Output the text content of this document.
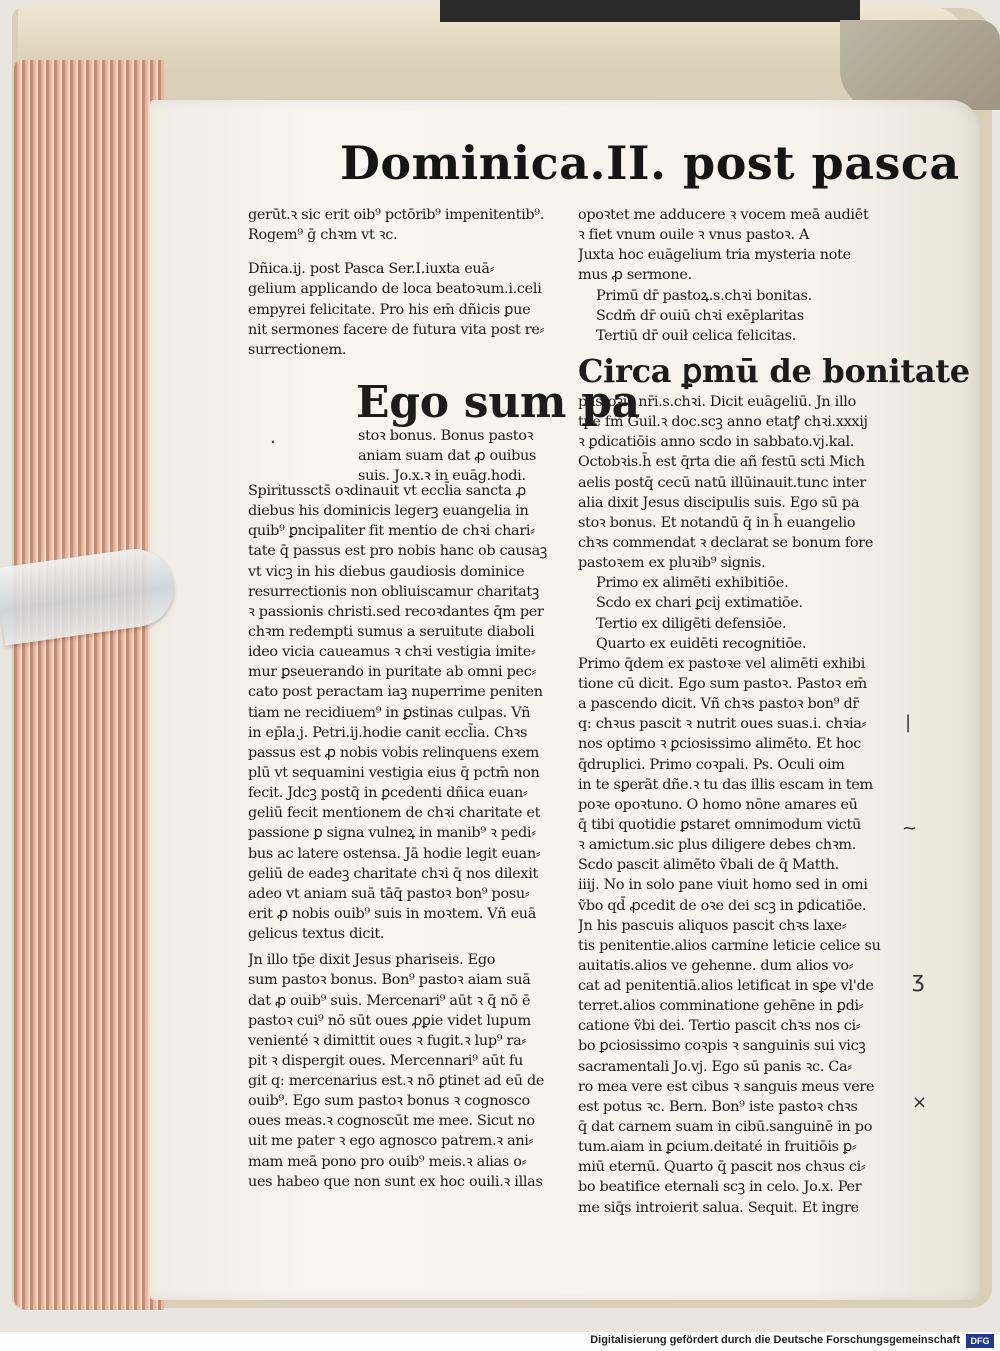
Dominica.II. post pasca
gerūt.ꝛ sic erit oib⁹ pctōrib⁹ impenitentib⁹.
Rogem⁹ ḡ chꝛm vt ꝛc.
Dñica.ij. post Pasca Ser.I.iuxta euā⸗
gelium applicando de loca beatoꝛum.i.celi
empyrei felicitate. Pro his em̄ dñicis ꝑue
nit sermones facere de futura vita post re⸗
surrectionem.
Ego sum pa
stoꝛ bonus. Bonus pastoꝛ
aniam suam dat ꝓ ouibus
suis. Jo.x.ꝛ in euāg.hodi.
Spiritusscts̄ oꝛdinauit vt eccl̄ia sancta ꝓ
diebus his dominicis legerꝫ euangelia in
quib⁹ ꝑncipaliter fit mentio de chꝛi chari⸗
tate q̄ passus est pro nobis hanc ob causaꝫ
vt vicꝫ in his diebus gaudiosis dominice
resurrectionis non obliuiscamur charitatꝫ
ꝛ passionis christi.sed recoꝛdantes q̄m per
chꝛm redempti sumus a seruitute diaboli
ideo vicia caueamus ꝛ chꝛi vestigia imite⸗
mur ꝑseuerando in puritate ab omni pec⸗
cato post peractam iaꝫ nuperrime peniten
tiam ne recidiuem⁹ in ꝑstinas culpas. Vñ
in ep̄la.j. Petri.ij.hodie canit eccl̄ia. Chꝛs
passus est ꝓ nobis vobis relinquens exem
plū vt sequamini vestigia eius q̄ pctm̄ non
fecit. Jdcꝫ postq̄ in ꝑcedenti dñica euan⸗
geliū fecit mentionem de chꝛi charitate et
passione ꝑ signa vulneꝝ in manib⁹ ꝛ pedi⸗
bus ac latere ostensa. Jā hodie legit euan⸗
geliū de eadeꝫ charitate chꝛi q̄ nos dilexit
adeo vt aniam suā tāq̄ pastoꝛ bon⁹ posu⸗
erit ꝓ nobis ouib⁹ suis in moꝛtem. Vñ euā
gelicus textus dicit.
Jn illo tp̄e dixit Jesus phariseis. Ego
sum pastoꝛ bonus. Bon⁹ pastoꝛ aiam suā
dat ꝓ ouib⁹ suis. Mercenari⁹ aūt ꝛ q̄ nō ē
pastoꝛ cui⁹ nō sūt oues ꝓꝑie videt lupum
venienté ꝛ dimittit oues ꝛ fugit.ꝛ lup⁹ ra⸗
pit ꝛ dispergit oues. Mercennari⁹ aūt fu
git q: mercenarius est.ꝛ nō ꝑtinet ad eū de
ouib⁹. Ego sum pastoꝛ bonus ꝛ cognosco
oues meas.ꝛ cognoscūt me mee. Sicut no
uit me pater ꝛ ego agnosco patrem.ꝛ ani⸗
mam meā pono pro ouib⁹ meis.ꝛ alias o⸗
ues habeo que non sunt ex hoc ouili.ꝛ illas
opoꝛtet me adducere ꝛ vocem meā audiēt
ꝛ fiet vnum ouile ꝛ vnus pastoꝛ. A
Juxta hoc euāgelium tria mysteria note
mus ꝓ sermone.
Primū dr̄ pastoꝝ.s.chꝛi bonitas.
Scdm̄ dr̄ ouiū chꝛi exēplaritas
Tertiū dr̄ ouił celica felicitas.
Circa ꝑmū de bonitate
pastoꝛis nr̄i.s.chꝛi. Dicit euāgeliū. Jn illo
tp̄e fm̄ Guil.ꝛ doc.scꝫ anno etatꝭ chꝛi.xxxij
ꝛ ꝑdicatiōis anno scdo in sabbato.vj.kal.
Octobꝛis.h̄ est q̄rta die añ festū scti Mich
aelis postq̄ cecū natū illūinauit.tunc inter
alia dixit Jesus discipulis suis. Ego sū pa
stoꝛ bonus. Et notandū q̄ in h̄ euangelio
chꝛs commendat ꝛ declarat se bonum fore
pastoꝛem ex pluꝛib⁹ signis.
Primo ex alimēti exhibitiōe.
Scdo ex chari ꝑcij extimatiōe.
Tertio ex diligēti defensiōe.
Quarto ex euidēti recognitiōe.
Primo q̄dem ex pastoꝛe vel alimēti exhibi
tione cū dicit. Ego sum pastoꝛ. Pastoꝛ em̄
a pascendo dicit. Vñ chꝛs pastoꝛ bon⁹ dr̄
q: chꝛus pascit ꝛ nutrit oues suas.i. chꝛia⸗
nos optimo ꝛ ꝑciosissimo alimēto. Et hoc
q̄druplici. Primo coꝛpali. Ps. Oculi oim
in te sꝑerāt dñe.ꝛ tu das illis escam in tem
poꝛe opoꝛtuno. O homo nōne amares eū
q̄ tibi quotidie ꝑstaret omnimodum victū
ꝛ amictum.sic plus diligere debes chꝛm.
Scdo pascit alimēto ṽbali de q̄ Matth.
iiij. No in solo pane viuit homo sed in omi
ṽbo qd̄ ꝓcedit de oꝛe dei scꝫ in ꝑdicatiōe.
Jn his pascuis aliquos pascit chꝛs laxe⸗
tis penitentie.alios carmine leticie celice su
auitatis.alios ve gehenne. dum alios vo⸗
cat ad penitentiā.alios letificat in sꝑe vl'de
terret.alios comminatione gehēne in ꝑdi⸗
catione ṽbi dei. Tertio pascit chꝛs nos ci⸗
bo ꝑciosissimo coꝛpis ꝛ sanguinis sui vicꝫ
sacramentali Jo.vj. Ego sū panis ꝛc. Ca⸗
ro mea vere est cibus ꝛ sanguis meus vere
est potus ꝛc. Bern. Bon⁹ iste pastoꝛ chꝛs
q̄ dat carnem suam in cibū.sanguinē in po
tum.aiam in ꝑcium.deitaté in fruitiōis ꝑ⸗
miū eternū. Quarto q̄ pascit nos chꝛus ci⸗
bo beatifice eternali scꝫ in celo. Jo.x. Per
me siq̄s introierit salua. Sequit. Et ingre
·
|
~
ʒ
×
Digitalisierung gefördert durch die Deutsche Forschungsgemeinschaft	DFG
